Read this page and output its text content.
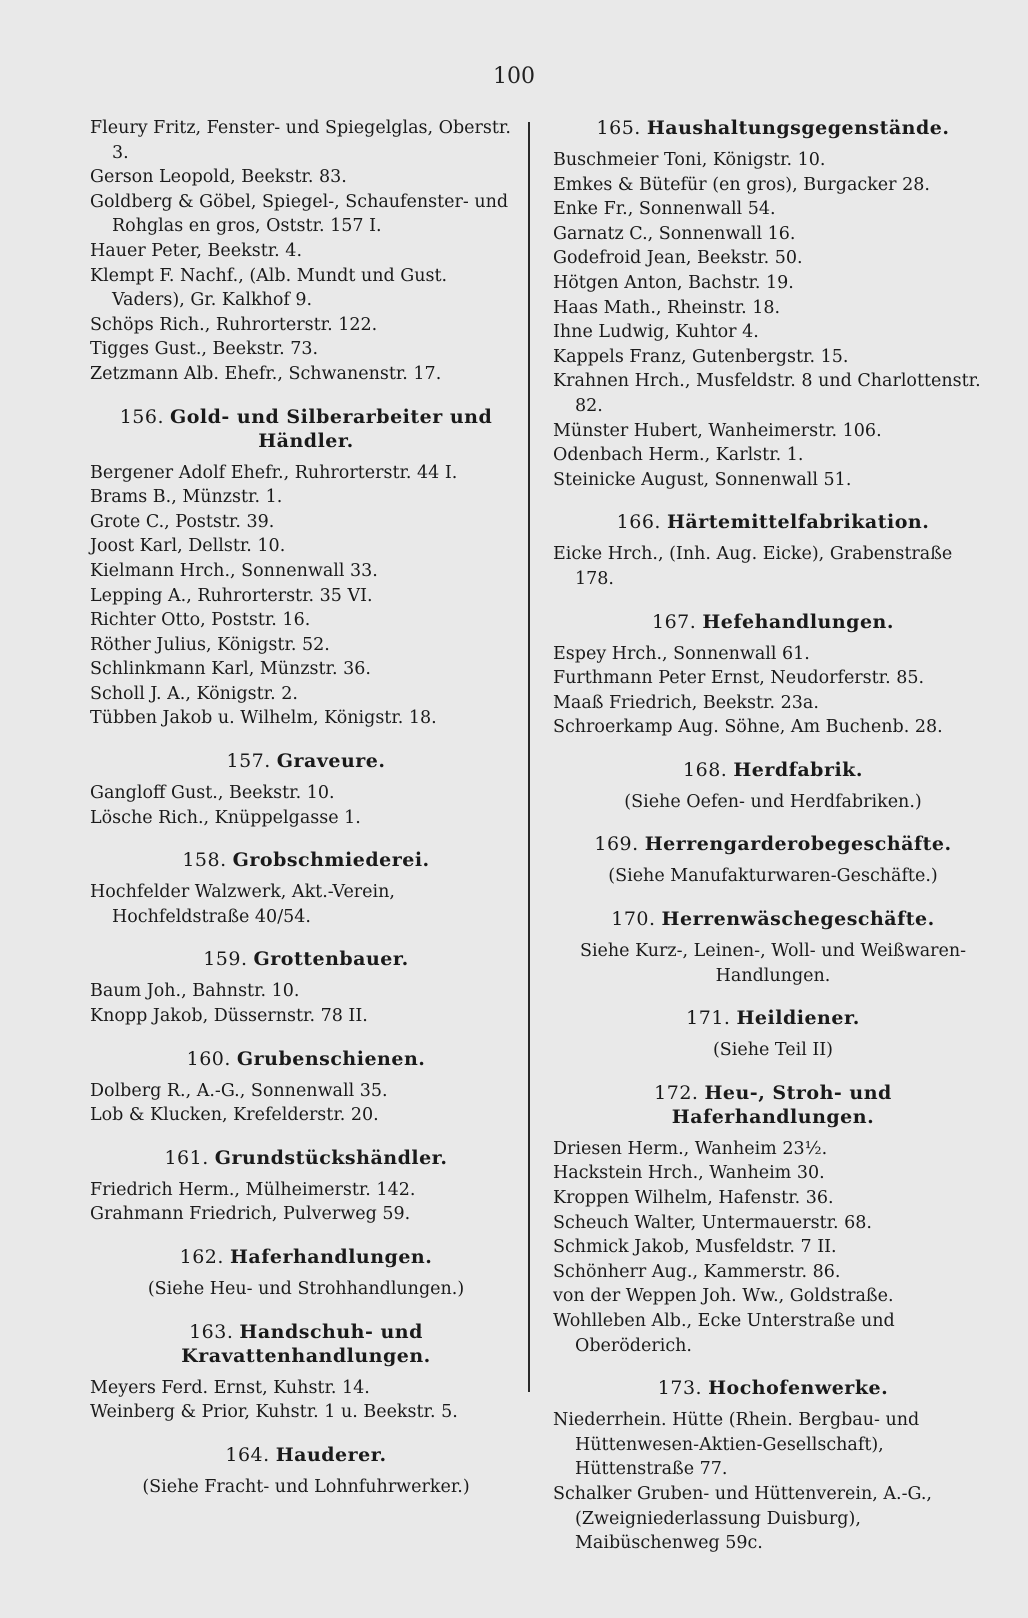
100

Fleury Fritz, Fenster- und Spiegelglas, Oberstr. 3.

Gerson Leopold, Beekstr. 83.

Goldberg & Göbel, Spiegel-, Schaufenster- und Rohglas en gros, Oststr. 157 I.

Hauer Peter, Beekstr. 4.

Klempt F. Nachf., (Alb. Mundt und Gust. Vaders), Gr. Kalkhof 9.

Schöps Rich., Ruhrorterstr. 122.

Tigges Gust., Beekstr. 73.

Zetzmann Alb. Ehefr., Schwanenstr. 17.

156. Gold- und Silberarbeiter und Händler.

Bergener Adolf Ehefr., Ruhrorterstr. 44 I.

Brams B., Münzstr. 1.

Grote C., Poststr. 39.

Joost Karl, Dellstr. 10.

Kielmann Hrch., Sonnenwall 33.

Lepping A., Ruhrorterstr. 35 VI.

Richter Otto, Poststr. 16.

Röther Julius, Königstr. 52.

Schlinkmann Karl, Münzstr. 36.

Scholl J. A., Königstr. 2.

Tübben Jakob u. Wilhelm, Königstr. 18.

157. Graveure.

Gangloff Gust., Beekstr. 10.

Lösche Rich., Knüppelgasse 1.

158. Grobschmiederei.

Hochfelder Walzwerk, Akt.-Verein, Hochfeldstraße 40/54.

159. Grottenbauer.

Baum Joh., Bahnstr. 10.

Knopp Jakob, Düssernstr. 78 II.

160. Grubenschienen.

Dolberg R., A.-G., Sonnenwall 35.

Lob & Klucken, Krefelderstr. 20.

161. Grundstückshändler.

Friedrich Herm., Mülheimerstr. 142.

Grahmann Friedrich, Pulverweg 59.

162. Haferhandlungen.

(Siehe Heu- und Strohhandlungen.)

163. Handschuh- und Kravattenhandlungen.

Meyers Ferd. Ernst, Kuhstr. 14.

Weinberg & Prior, Kuhstr. 1 u. Beekstr. 5.

164. Hauderer.

(Siehe Fracht- und Lohnfuhrwerker.)

165. Haushaltungsgegenstände.

Buschmeier Toni, Königstr. 10.

Emkes & Bütefür (en gros), Burgacker 28.

Enke Fr., Sonnenwall 54.

Garnatz C., Sonnenwall 16.

Godefroid Jean, Beekstr. 50.

Hötgen Anton, Bachstr. 19.

Haas Math., Rheinstr. 18.

Ihne Ludwig, Kuhtor 4.

Kappels Franz, Gutenbergstr. 15.

Krahnen Hrch., Musfeldstr. 8 und Charlottenstr. 82.

Münster Hubert, Wanheimerstr. 106.

Odenbach Herm., Karlstr. 1.

Steinicke August, Sonnenwall 51.

166. Härtemittelfabrikation.

Eicke Hrch., (Inh. Aug. Eicke), Grabenstraße 178.

167. Hefehandlungen.

Espey Hrch., Sonnenwall 61.

Furthmann Peter Ernst, Neudorferstr. 85.

Maaß Friedrich, Beekstr. 23a.

Schroerkamp Aug. Söhne, Am Buchenb. 28.

168. Herdfabrik.

(Siehe Oefen- und Herdfabriken.)

169. Herrengarderobegeschäfte.

(Siehe Manufakturwaren-Geschäfte.)

170. Herrenwäschegeschäfte.

Siehe Kurz-, Leinen-, Woll- und Weißwaren-Handlungen.

171. Heildiener.

(Siehe Teil II)

172. Heu-, Stroh- und Haferhandlungen.

Driesen Herm., Wanheim 23½.

Hackstein Hrch., Wanheim 30.

Kroppen Wilhelm, Hafenstr. 36.

Scheuch Walter, Untermauerstr. 68.

Schmick Jakob, Musfeldstr. 7 II.

Schönherr Aug., Kammerstr. 86.

von der Weppen Joh. Ww., Goldstraße.

Wohlleben Alb., Ecke Unterstraße und Oberöderich.

173. Hochofenwerke.

Niederrhein. Hütte (Rhein. Bergbau- und Hüttenwesen-Aktien-Gesellschaft), Hüttenstraße 77.

Schalker Gruben- und Hüttenverein, A.-G., (Zweigniederlassung Duisburg), Maibüschenweg 59c.
